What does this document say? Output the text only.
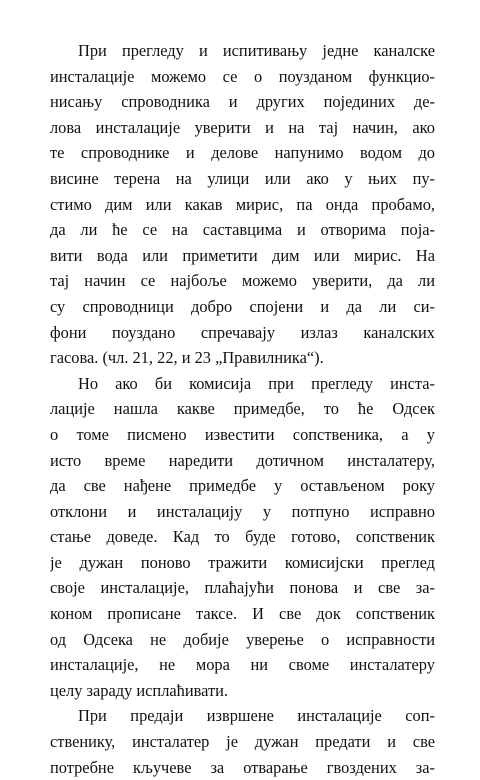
При прегледу и испитивању једне каналске
инсталације можемо се о поузданом функцио-
нисању спроводника и других појединих де-
лова инсталације уверити и на тај начин, ако
те спроводнике и делове напунимо водом до
висине терена на улици или ако у њих пу-
стимо дим или какав мирис, па онда пробамо,
да ли ће се на саставцима и отворима поја-
вити вода или приметити дим или мирис. На
тај начин се најбоље можемо уверити, да ли
су спроводници добро спојени и да ли си-
фони поуздано спречавају излаз каналских
гасова. (чл. 21, 22, и 23 „Правилника“).
Но ако би комисија при прегледу инста-
лације нашла какве примедбе, то ће Одсек
о томе писмено известити сопственика, а у
исто време наредити дотичном инсталатеру,
да све нађене примедбе у остављеном року
отклони и инсталацију у потпуно исправно
стање доведе. Кад то буде готово, сопственик
је дужан поново тражити комисијски преглед
своје инсталације, плаћајући понова и све за-
коном прописане таксе. И све док сопственик
од Одсека не добије уверење о исправности
инсталације, не мора ни своме инсталатеру
целу зараду исплаћивати.
При предаји извршене инсталације соп-
ственику, инсталатер је дужан предати и све
потребне кључеве за отварање гвоздених за-
